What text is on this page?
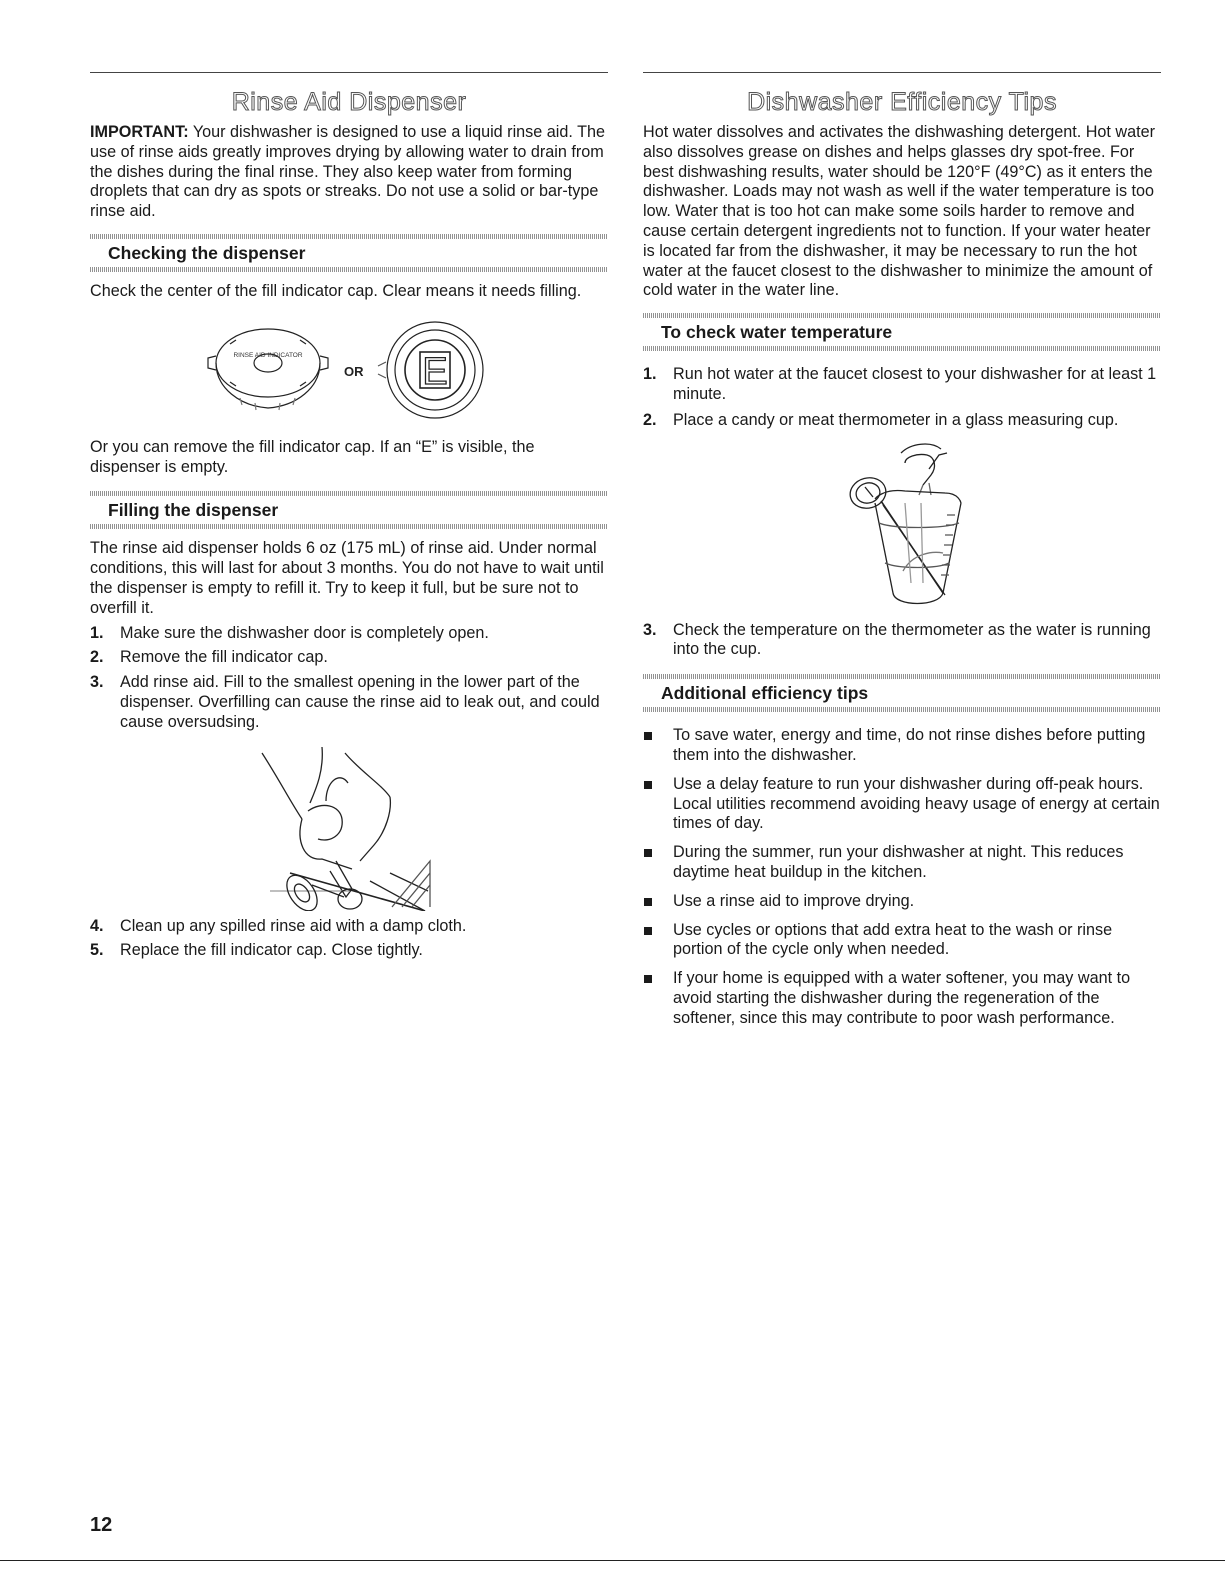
Rinse Aid Dispenser

IMPORTANT: Your dishwasher is designed to use a liquid rinse aid. The use of rinse aids greatly improves drying by allowing water to drain from the dishes during the final rinse. They also keep water from forming droplets that can dry as spots or streaks. Do not use a solid or bar-type rinse aid.

Checking the dispenser

Check the center of the fill indicator cap. Clear means it needs filling.

RINSE AID INDICATOR
OR E

Or you can remove the fill indicator cap. If an “E” is visible, the dispenser is empty.

Filling the dispenser

The rinse aid dispenser holds 6 oz (175 mL) of rinse aid. Under normal conditions, this will last for about 3 months. You do not have to wait until the dispenser is empty to refill it. Try to keep it full, but be sure not to overfill it.

1. Make sure the dishwasher door is completely open.
2. Remove the fill indicator cap.
3. Add rinse aid. Fill to the smallest opening in the lower part of the dispenser. Overfilling can cause the rinse aid to leak out, and could cause oversudsing.
4. Clean up any spilled rinse aid with a damp cloth.
5. Replace the fill indicator cap. Close tightly.
Dishwasher Efficiency Tips

Hot water dissolves and activates the dishwashing detergent. Hot water also dissolves grease on dishes and helps glasses dry spot-free. For best dishwashing results, water should be 120°F (49°C) as it enters the dishwasher. Loads may not wash as well if the water temperature is too low. Water that is too hot can make some soils harder to remove and cause certain detergent ingredients not to function. If your water heater is located far from the dishwasher, it may be necessary to run the hot water at the faucet closest to the dishwasher to minimize the amount of cold water in the water line.

To check water temperature
1. Run hot water at the faucet closest to your dishwasher for at least 1 minute.
2. Place a candy or meat thermometer in a glass measuring cup.
3. Check the temperature on the thermometer as the water is running into the cup.
Additional efficiency tips
To save water, energy and time, do not rinse dishes before putting them into the dishwasher.
Use a delay feature to run your dishwasher during off-peak hours. Local utilities recommend avoiding heavy usage of energy at certain times of day.
During the summer, run your dishwasher at night. This reduces daytime heat buildup in the kitchen.
Use a rinse aid to improve drying.
Use cycles or options that add extra heat to the wash or rinse portion of the cycle only when needed.
If your home is equipped with a water softener, you may want to avoid starting the dishwasher during the regeneration of the softener, since this may contribute to poor wash performance.
12
